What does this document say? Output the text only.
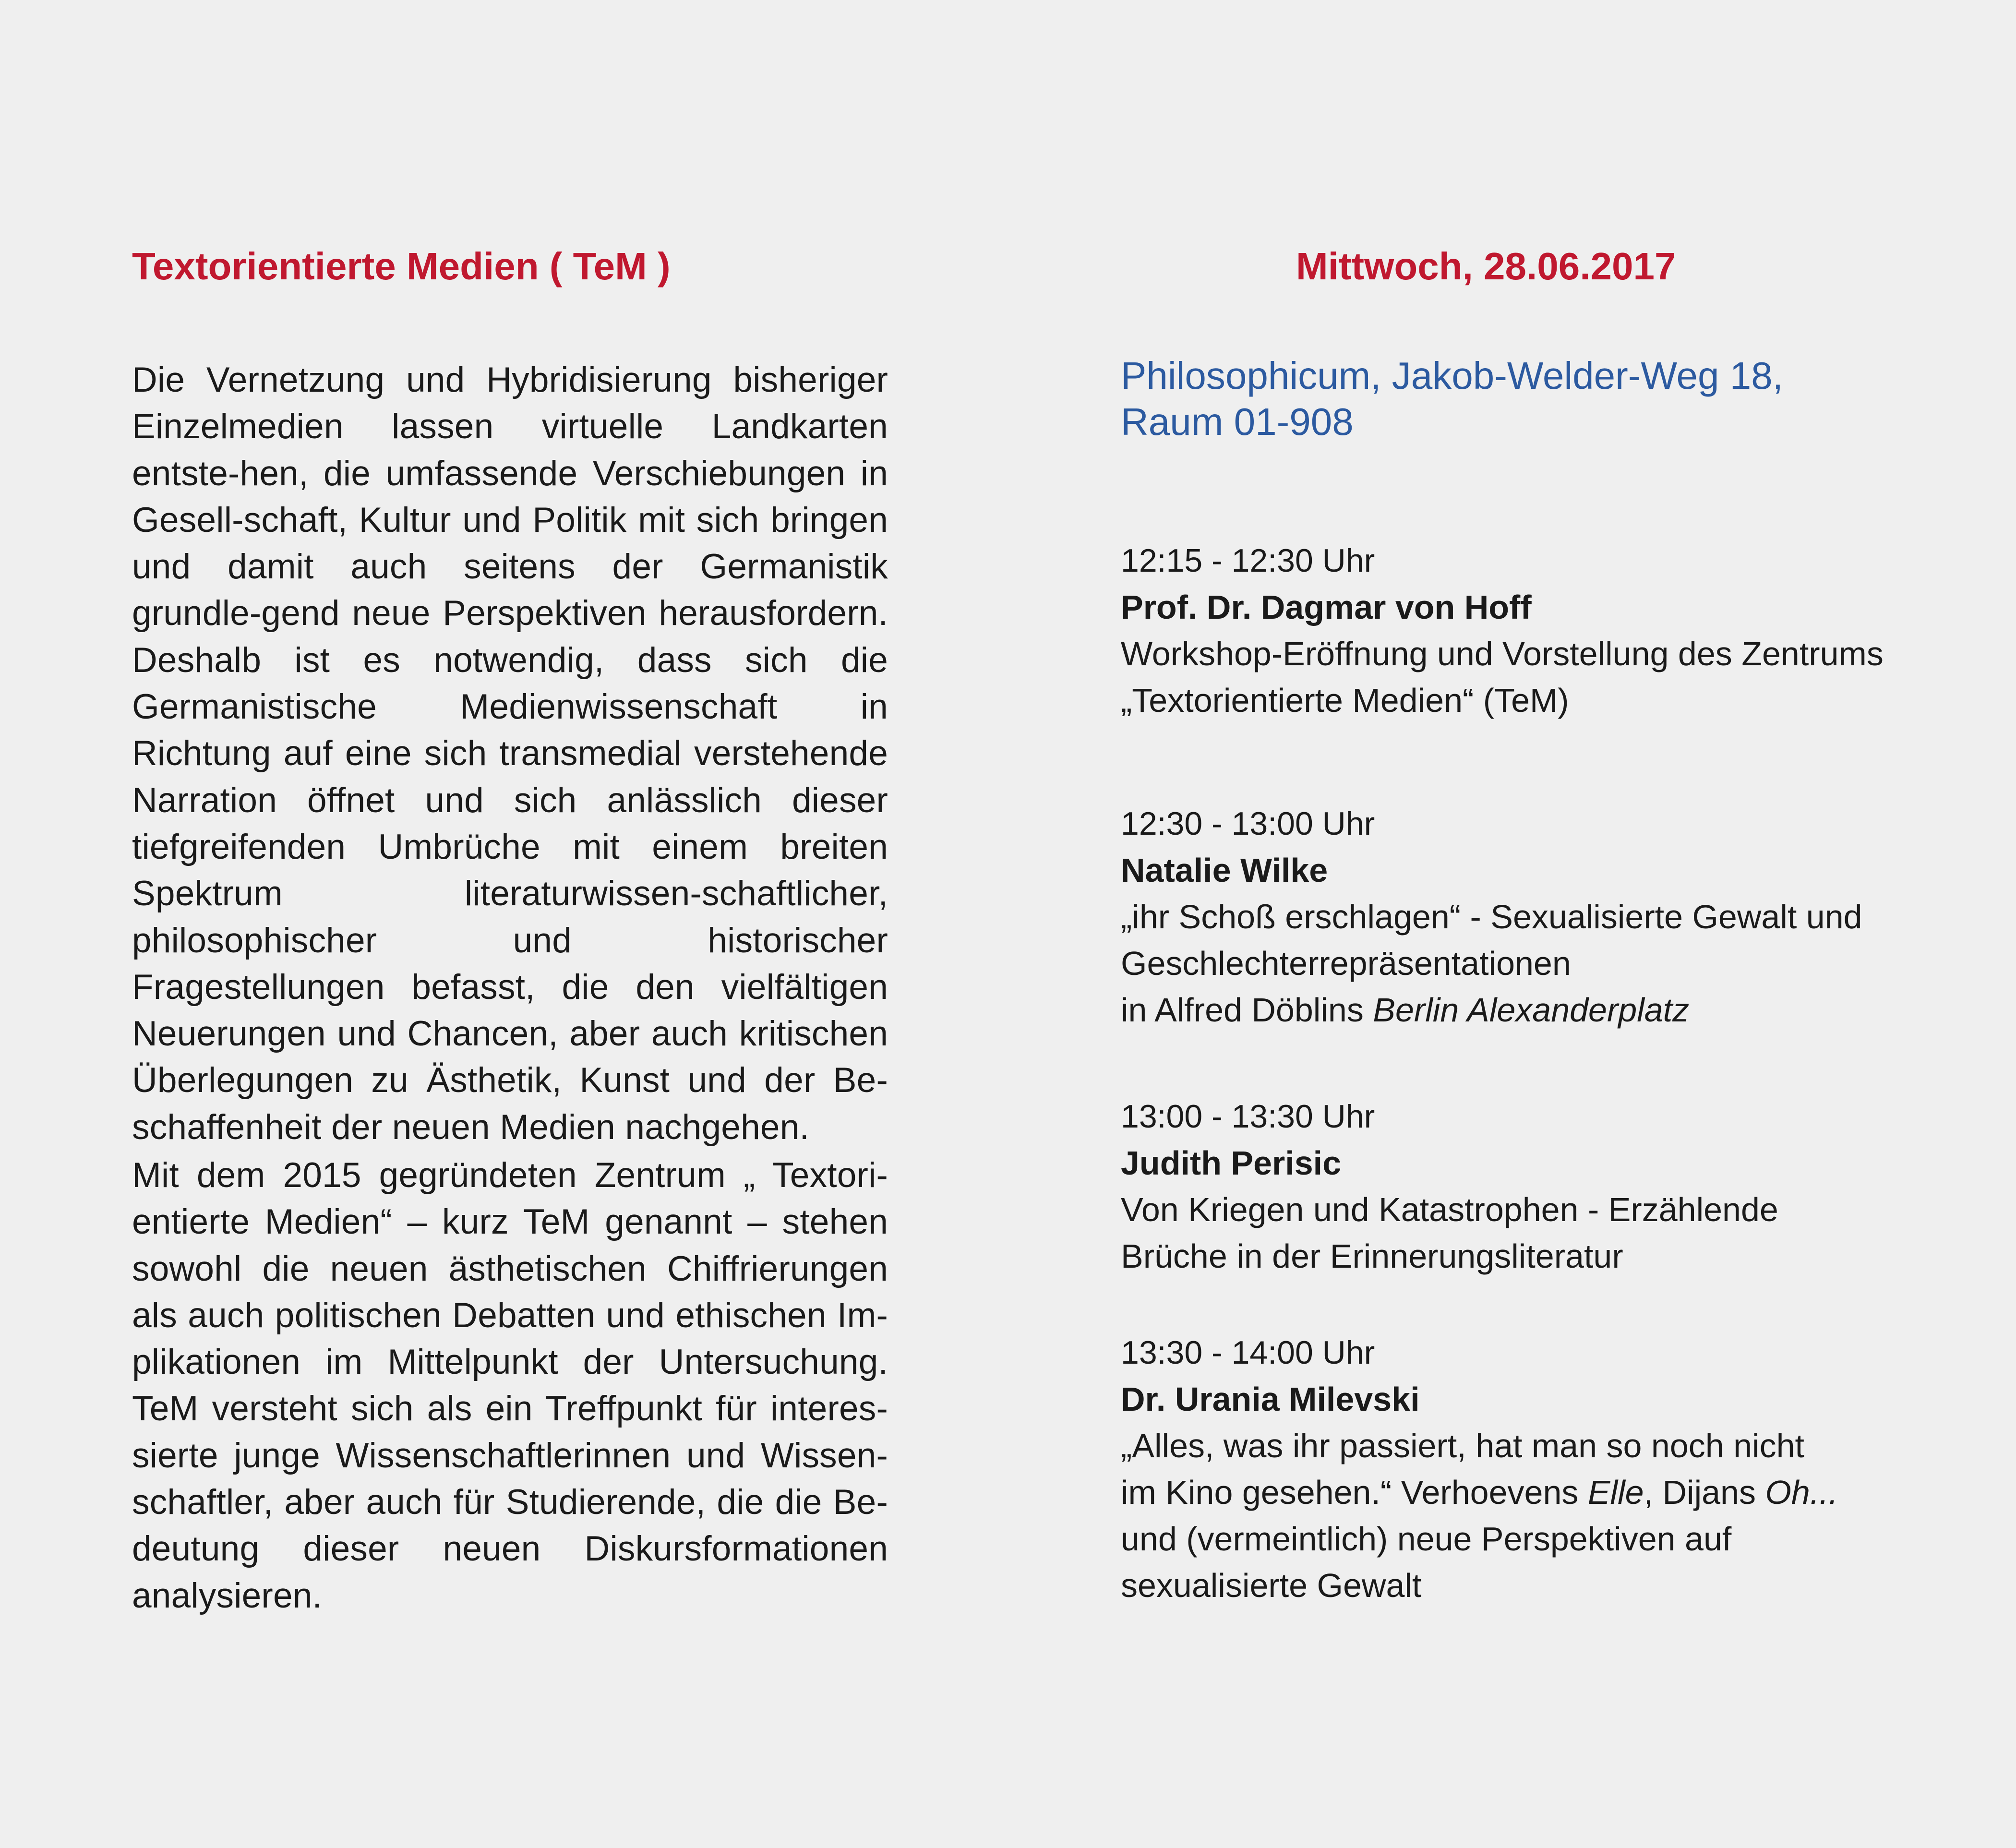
Textorientierte Medien ( TeM )

Die Vernetzung und Hybridisierung bisheriger Einzelmedien lassen virtuelle Landkarten entste-hen, die umfassende Verschiebungen in Gesell-schaft, Kultur und Politik mit sich bringen und damit auch seitens der Germanistik grundle-gend neue Perspektiven herausfordern. Deshalb ist es notwendig, dass sich die Germanistische Medienwissenschaft in Richtung auf eine sich transmedial verstehende Narration öffnet und sich anlässlich dieser tiefgreifenden Umbrüche mit einem breiten Spektrum literaturwissen-schaftlicher, philosophischer und historischer Fragestellungen befasst, die den vielfältigen Neuerungen und Chancen, aber auch kritischen Überlegungen zu Ästhetik, Kunst und der Be-schaffenheit der neuen Medien nachgehen.

Mit dem 2015 gegründeten Zentrum „ Textori-entierte Medien“ – kurz TeM genannt – stehen sowohl die neuen ästhetischen Chiffrierungen als auch politischen Debatten und ethischen Im-plikationen im Mittelpunkt der Untersuchung. TeM versteht sich als ein Treffpunkt für interes-sierte junge Wissenschaftlerinnen und Wissen-schaftler, aber auch für Studierende, die die Be-deutung dieser neuen Diskursformationen analysieren.

Mittwoch, 28.06.2017
Philosophicum, Jakob-Welder-Weg 18,
Raum 01-908

12:15 - 12:30 Uhr

Prof. Dr. Dagmar von Hoff

Workshop-Eröffnung und Vorstellung des Zentrums

„Textorientierte Medien“ (TeM)

12:30 - 13:00 Uhr

Natalie Wilke

„ihr Schoß erschlagen“ - Sexualisierte Gewalt und

Geschlechterrepräsentationen

in Alfred Döblins Berlin Alexanderplatz

13:00 - 13:30 Uhr

Judith Perisic

Von Kriegen und Katastrophen - Erzählende

Brüche in der Erinnerungsliteratur

13:30 - 14:00 Uhr

Dr. Urania Milevski

„Alles, was ihr passiert, hat man so noch nicht

im Kino gesehen.“ Verhoevens Elle, Dijans Oh...

und (vermeintlich) neue Perspektiven auf

sexualisierte Gewalt
